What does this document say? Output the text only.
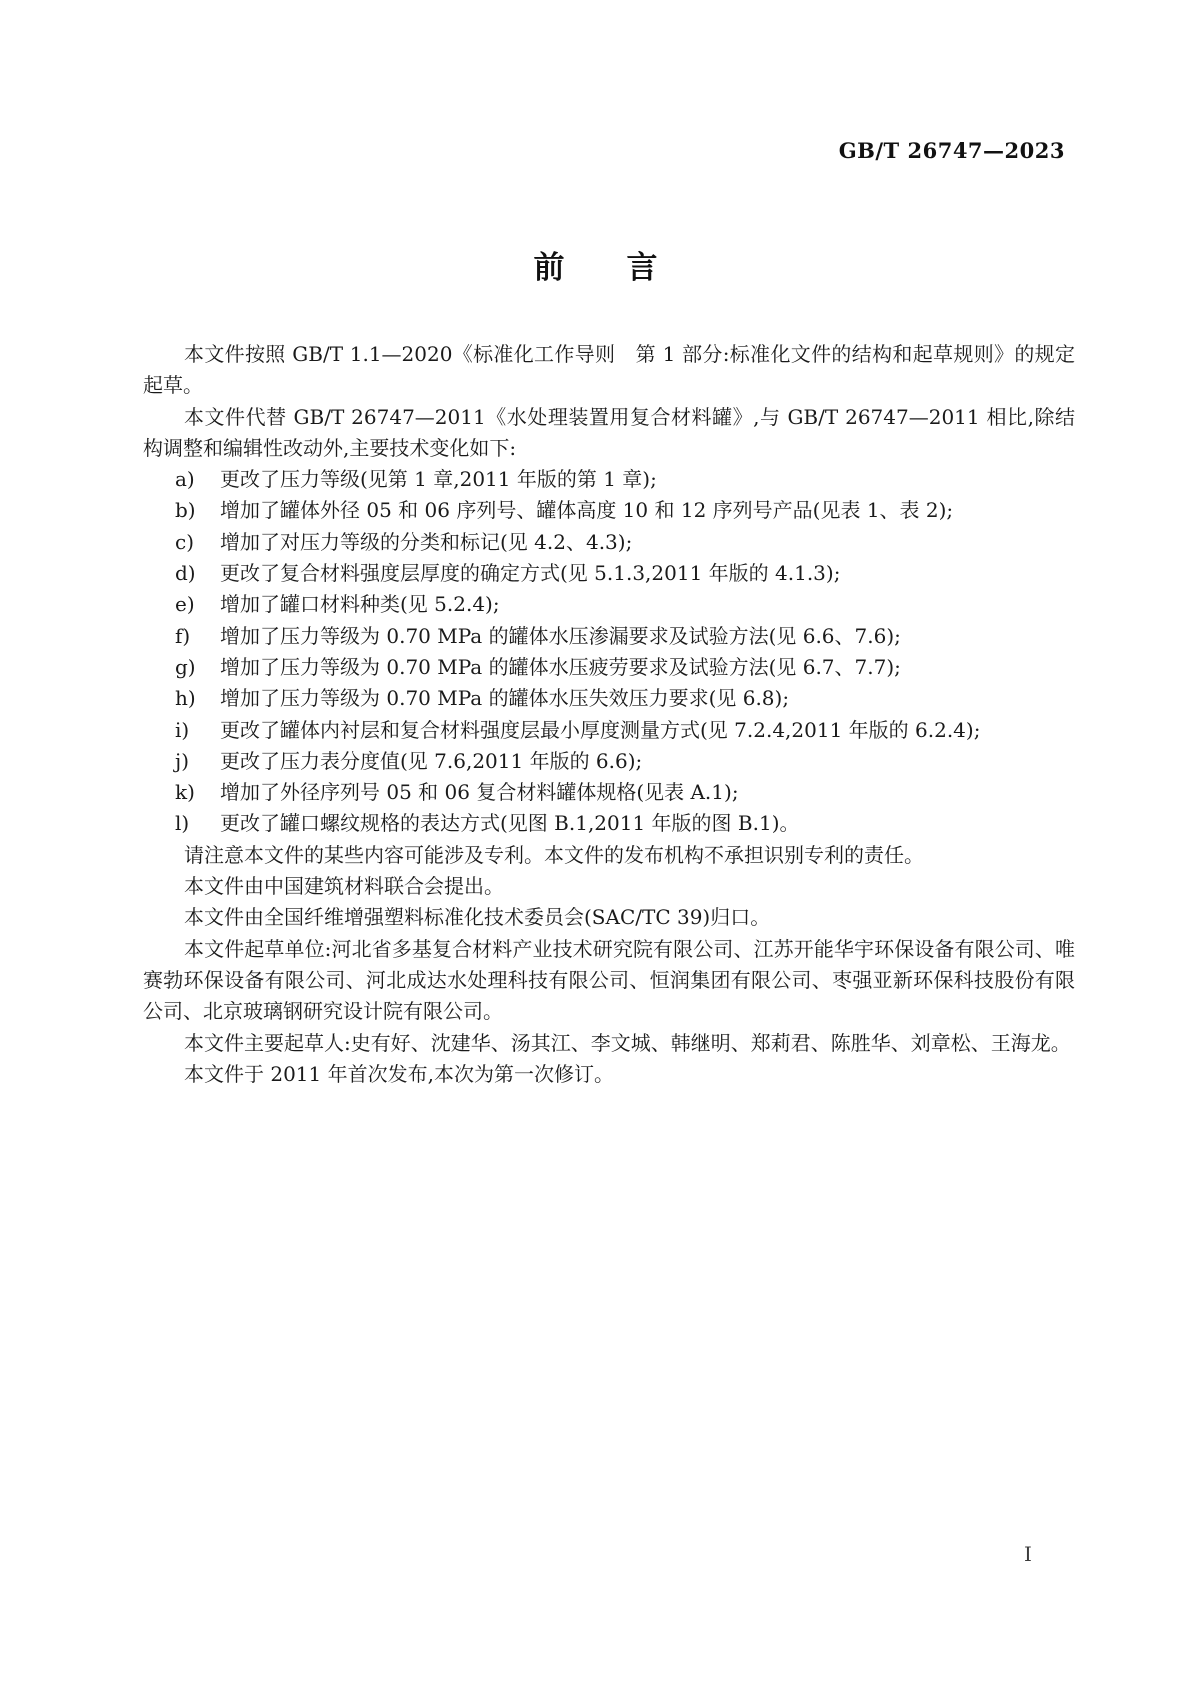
GB/T 26747—2023
前　　言

本文件按照 GB/T 1.1—2020《标准化工作导则　第 1 部分:标准化文件的结构和起草规则》的规定起草。

本文件代替 GB/T 26747—2011《水处理装置用复合材料罐》,与 GB/T 26747—2011 相比,除结构调整和编辑性改动外,主要技术变化如下:

a) 更改了压力等级(见第 1 章,2011 年版的第 1 章);

b) 增加了罐体外径 05 和 06 序列号、罐体高度 10 和 12 序列号产品(见表 1、表 2);

c) 增加了对压力等级的分类和标记(见 4.2、4.3);

d) 更改了复合材料强度层厚度的确定方式(见 5.1.3,2011 年版的 4.1.3);

e) 增加了罐口材料种类(见 5.2.4);

f) 增加了压力等级为 0.70 MPa 的罐体水压渗漏要求及试验方法(见 6.6、7.6);

g) 增加了压力等级为 0.70 MPa 的罐体水压疲劳要求及试验方法(见 6.7、7.7);

h) 增加了压力等级为 0.70 MPa 的罐体水压失效压力要求(见 6.8);

i) 更改了罐体内衬层和复合材料强度层最小厚度测量方式(见 7.2.4,2011 年版的 6.2.4);

j) 更改了压力表分度值(见 7.6,2011 年版的 6.6);

k) 增加了外径序列号 05 和 06 复合材料罐体规格(见表 A.1);

l) 更改了罐口螺纹规格的表达方式(见图 B.1,2011 年版的图 B.1)。

请注意本文件的某些内容可能涉及专利。本文件的发布机构不承担识别专利的责任。

本文件由中国建筑材料联合会提出。

本文件由全国纤维增强塑料标准化技术委员会(SAC/TC 39)归口。

本文件起草单位:河北省多基复合材料产业技术研究院有限公司、江苏开能华宇环保设备有限公司、唯赛勃环保设备有限公司、河北成达水处理科技有限公司、恒润集团有限公司、枣强亚新环保科技股份有限公司、北京玻璃钢研究设计院有限公司。

本文件主要起草人:史有好、沈建华、汤其江、李文城、韩继明、郑莉君、陈胜华、刘章松、王海龙。

本文件于 2011 年首次发布,本次为第一次修订。

I
